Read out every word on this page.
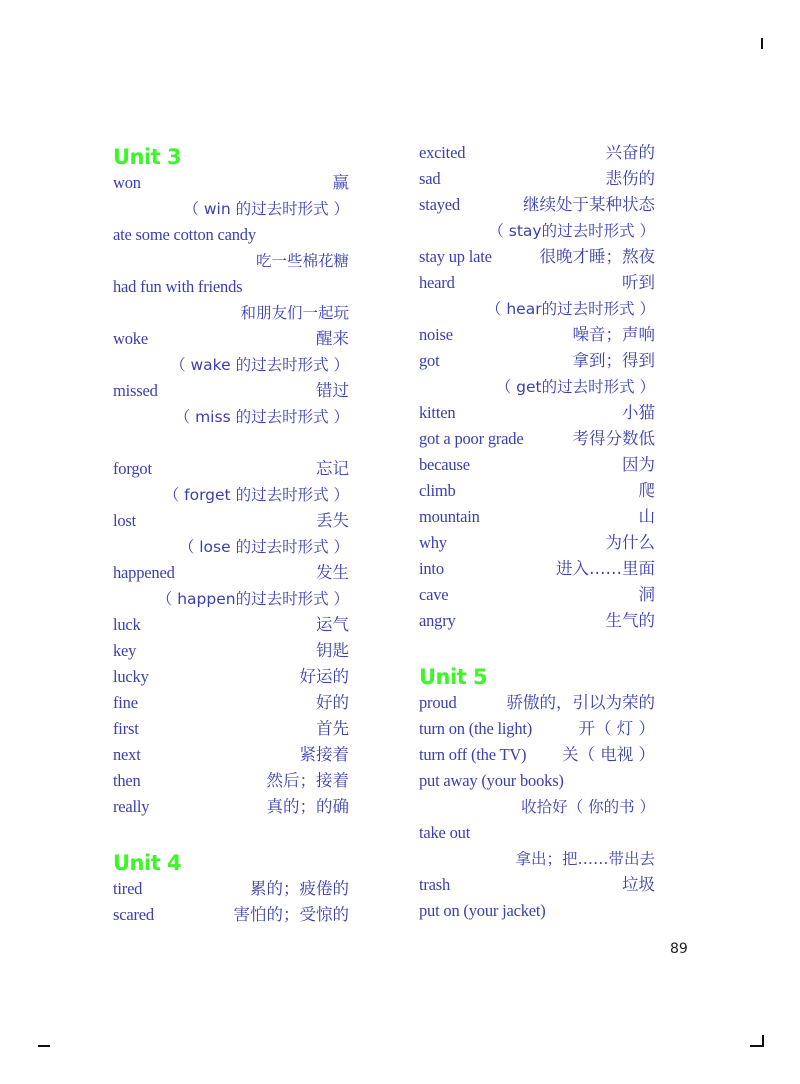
Unit 3
won	赢
（ win 的过去时形式 ）
ate some cotton candy
吃一些棉花糖
had fun with friends
和朋友们一起玩
woke	醒来
（ wake 的过去时形式 ）
missed	错过
（ miss 的过去时形式 ）
forgot	忘记
（ forget 的过去时形式 ）
lost	丢失
（ lose 的过去时形式 ）
happened	发生
（ happen的过去时形式 ）
luck	运气
key	钥匙
lucky	好运的
fine	好的
first	首先
next	紧接着
then	然后；接着
really	真的；的确
Unit 4
tired	累的；疲倦的
scared	害怕的；受惊的
excited	兴奋的
sad	悲伤的
stayed	继续处于某种状态
（ stay的过去时形式 ）
stay up late	很晚才睡；熬夜
heard	听到
（ hear的过去时形式 ）
noise	噪音；声响
got	拿到；得到
（ get的过去时形式 ）
kitten	小猫
got a poor grade	考得分数低
because	因为
climb	爬
mountain	山
why	为什么
into	进入……里面
cave	洞
angry	生气的
Unit 5
proud	骄傲的，引以为荣的
turn on (the light)	开（ 灯 ）
turn off (the TV) 关（ 电视 ）
put away (your books)
收拾好（ 你的书 ）
take out
拿出；把……带出去
trash	垃圾
put on (your jacket)
89
